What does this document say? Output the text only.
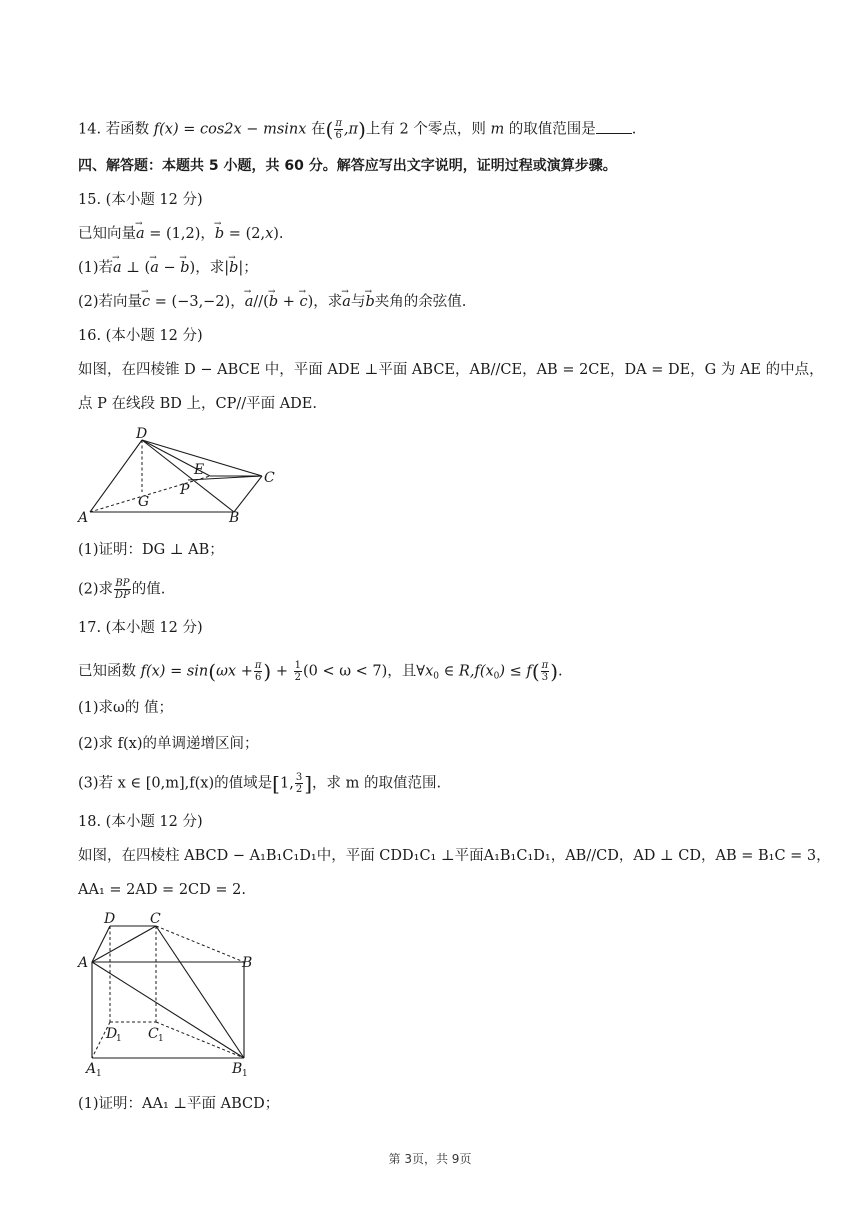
14. 若函数 f(x) = cos2x − msinx 在( $\frac{\pi}{6} ,\pi$)上有 2 个零点，则 m 的取值范围是 .
四、解答题：本题共 5 小题，共 60 分。解答应写出文字说明，证明过程或演算步骤。
15. (本小题 12 分)
已知向量→ a = (1,2)，→ b = (2,x).
(1)若→ a ⊥ (→ a − → b)，求|→ b|；
(2)若向量→ c = (−3,−2)，→ a//(→ b + → c)，求→ a与→ b夹角的余弦值.
16. (本小题 12 分)
如图，在四棱锥 D − ABCE 中，平面 ADE ⊥平面 ABCE，AB//CE，AB = 2CE，DA = DE，G 为 AE 的中点，
点 P 在线段 BD 上，CP//平面 ADE.
D
E	C
P
G
A	B
(1)证明：DG ⊥ AB；
(2)求 $\frac{BP}{DP}$ 的值.
17. (本小题 12 分)
已知函数 $f(x) = \sin(\omega x + \frac{\pi}{6}$ ) + $\frac{1}{2} (0 < \omega < 7)$，且$\forall x_0$ ∈ $R,f(x_0) \le f( \frac{\pi}{3}$ ).
(1)求ω的 值；
(2)求 f(x)的单调递增区间；
(3)若 x ∈ [0,m],f(x)的值域是[1, $\frac{3}{2}$ ]，求 m 的取值范围.
18. (本小题 12 分)
如图，在四棱柱 ABCD − A₁B₁C₁D₁中，平面 CDD₁C₁ ⊥平面A₁B₁C₁D₁，AB//CD，AD ⊥ CD，AB = B₁C = 3，
AA₁ = 2AD = 2CD = 2.
D C
A	B
D
1 C 1
A 1	B 1
(1)证明：AA₁ ⊥平面 ABCD；
第 3页，共 9页
